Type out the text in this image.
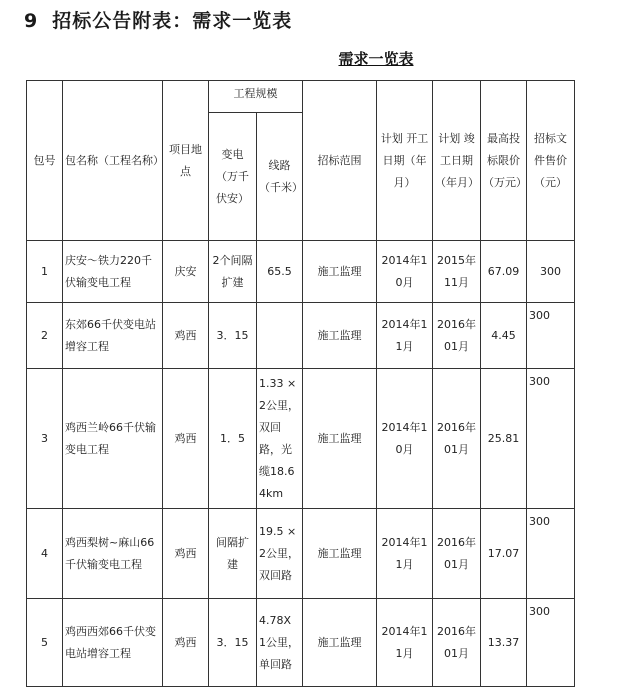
9 招标公告附表：需求一览表
需求一览表
包号	包名称（工程名称）	项目地点	工程规模		招标范围	计划 开工日期（年月）	计划 竣工日期（年月）	最高投标限价（万元）	招标文件售价（元）
			变电（万千伏安）	线路（千米）					
1	庆安～铁力220千伏输变电工程	庆安	2个间隔扩建	65.5	施工监理	2014年10月	2015年11月	67.09	300
2	东郊66千伏变电站增容工程	鸡西	3．15		施工监理	2014年11月	2016年01月	4.45	300
3	鸡西兰岭66千伏输变电工程	鸡西	1．5	1.33 ×2公里，双回路，光缆18.64km	施工监理	2014年10月	2016年01月	25.81	300
4	鸡西梨树~麻山66千伏输变电工程	鸡西	间隔扩建	19.5 ×2公里，双回路	施工监理	2014年11月	2016年01月	17.07	300
5	鸡西西郊66千伏变电站增容工程	鸡西	3．15	4.78X 1公里，单回路	施工监理	2014年11月	2016年01月	13.37	300
